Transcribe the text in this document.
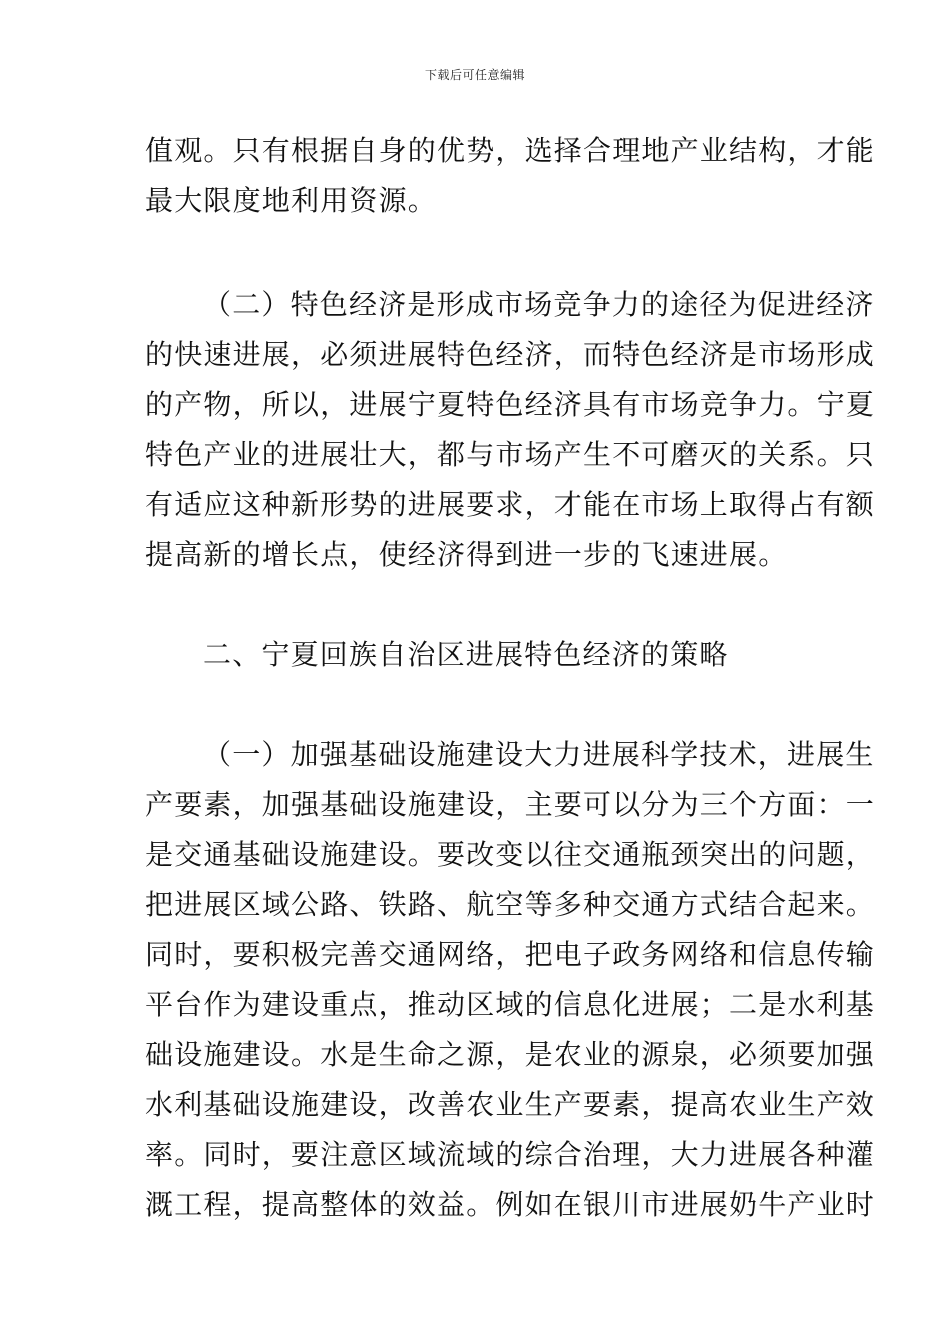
下载后可任意编辑
值观。只有根据自身的优势，选择合理地产业结构，才能
最大限度地利用资源。
（二）特色经济是形成市场竞争力的途径为促进经济
的快速进展，必须进展特色经济，而特色经济是市场形成
的产物，所以，进展宁夏特色经济具有市场竞争力。宁夏
特色产业的进展壮大，都与市场产生不可磨灭的关系。只
有适应这种新形势的进展要求，才能在市场上取得占有额
提高新的增长点，使经济得到进一步的飞速进展。
二、宁夏回族自治区进展特色经济的策略
（一）加强基础设施建设大力进展科学技术，进展生
产要素，加强基础设施建设，主要可以分为三个方面：一
是交通基础设施建设。要改变以往交通瓶颈突出的问题，
把进展区域公路、铁路、航空等多种交通方式结合起来。
同时，要积极完善交通网络，把电子政务网络和信息传输
平台作为建设重点，推动区域的信息化进展；二是水利基
础设施建设。水是生命之源，是农业的源泉，必须要加强
水利基础设施建设，改善农业生产要素，提高农业生产效
率。同时，要注意区域流域的综合治理，大力进展各种灌
溉工程，提高整体的效益。例如在银川市进展奶牛产业时
